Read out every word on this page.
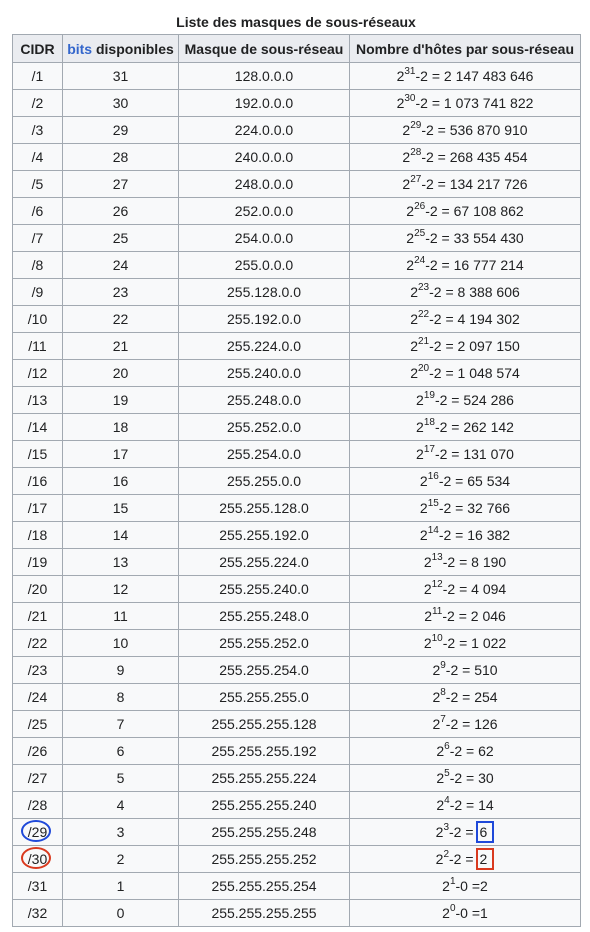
Liste des masques de sous-réseaux
CIDR	bits disponibles	Masque de sous-réseau	Nombre d'hôtes par sous-réseau
/1	31	128.0.0.0	$2^{31}-2 = 2$ 147 483 646
/2	30	192.0.0.0	$2^{30}-2 = 1$ 073 741 822
/3	29	224.0.0.0	$2^{29}-2 = 536$ 870 910
/4	28	240.0.0.0	$2^{28}-2 = 268$ 435 454
/5	27	248.0.0.0	$2^{27}-2 = 134$ 217 726
/6	26	252.0.0.0	$2^{26}-2 = 67$ 108 862
/7	25	254.0.0.0	$2^{25}-2 = 33$ 554 430
/8	24	255.0.0.0	$2^{24}-2 = 16$ 777 214
/9	23	255.128.0.0	$2^{23}-2 = 8$ 388 606
/10	22	255.192.0.0	$2^{22}-2 = 4$ 194 302
/11	21	255.224.0.0	$2^{21}-2 = 2$ 097 150
/12	20	255.240.0.0	$2^{20}-2 = 1$ 048 574
/13	19	255.248.0.0	$2^{19}-2 = 524$ 286
/14	18	255.252.0.0	$2^{18}-2 = 262$ 142
/15	17	255.254.0.0	$2^{17}-2 = 131$ 070
/16	16	255.255.0.0	$2^{16}-2 = 65$ 534
/17	15	255.255.128.0	$2^{15}-2 = 32$ 766
/18	14	255.255.192.0	$2^{14}-2 = 16$ 382
/19	13	255.255.224.0	$2^{13}-2 = 8$ 190
/20	12	255.255.240.0	$2^{12}-2 = 4$ 094
/21	11	255.255.248.0	$2^{11}-2 = 2$ 046
/22	10	255.255.252.0	$2^{10}-2 = 1$ 022
/23	9	255.255.254.0	$2^9-2 = 510$
/24	8	255.255.255.0	$2^8-2 = 254$
/25	7	255.255.255.128	$2^7-2 = 126$
/26	6	255.255.255.192	$2^6-2 = 62$
/27	5	255.255.255.224	$2^5-2 = 30$
/28	4	255.255.255.240	$2^4-2 = 14$

/29	3	255.255.255.248	$2^3-2 = 6$

/30	2	255.255.255.252	$2^2-2 = 2$
/31	1	255.255.255.254	$2^1-0 =2$
/32	0	255.255.255.255	$2^0-0 =1$
